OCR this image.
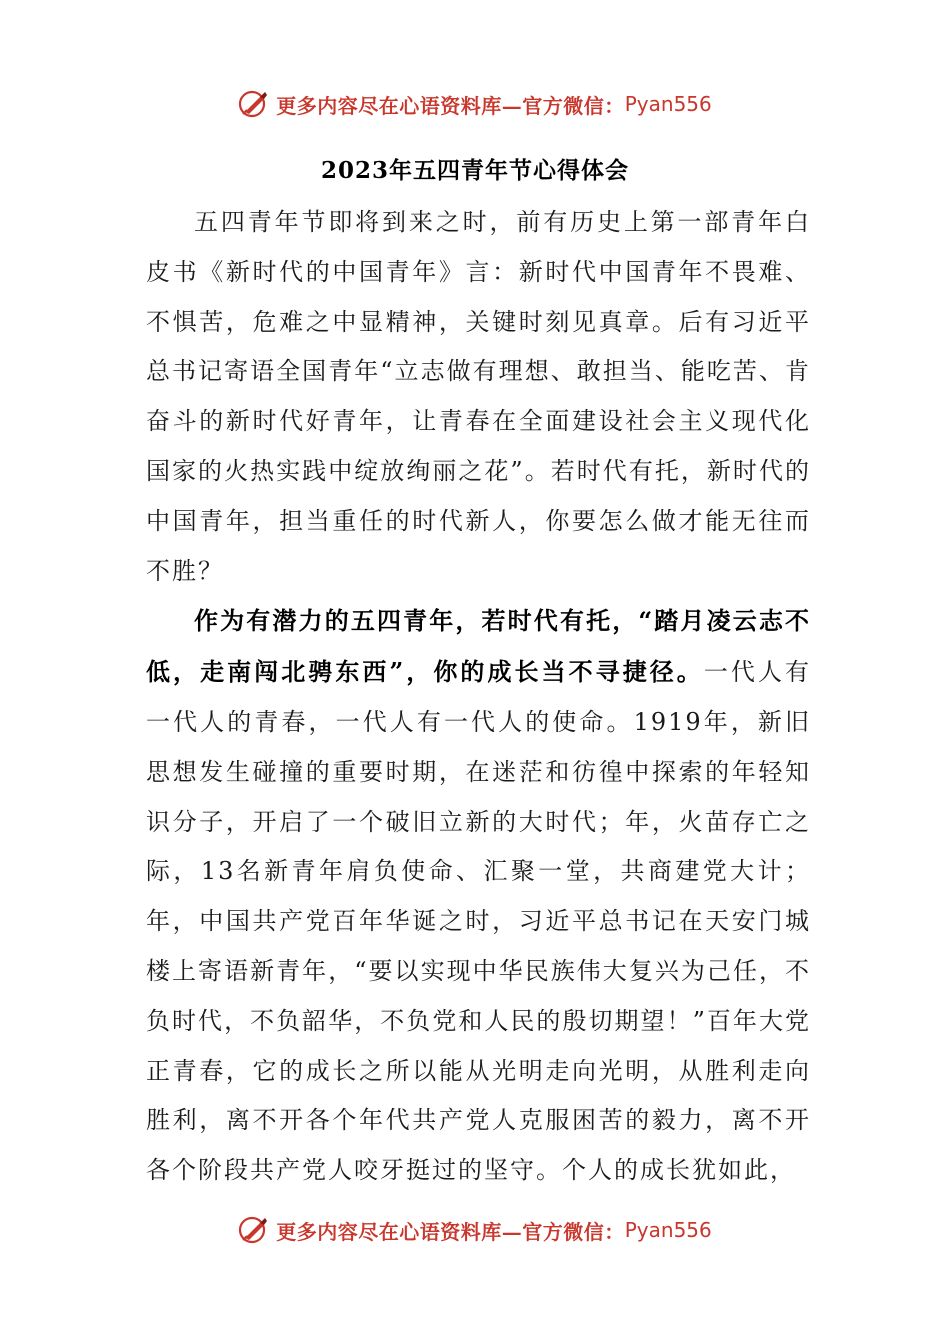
更多内容尽在心语资料库—官方微信： Pyan556
2023年五四青年节心得体会

五四青年节即将到来之时，前有历史上第一部青年白皮书《新时代的中国青年》言：新时代中国青年不畏难、不惧苦，危难之中显精神，关键时刻见真章。后有习近平总书记寄语全国青年“立志做有理想、敢担当、能吃苦、肯奋斗的新时代好青年，让青春在全面建设社会主义现代化国家的火热实践中绽放绚丽之花”。若时代有托，新时代的中国青年，担当重任的时代新人，你要怎么做才能无往而不胜？

作为有潜力的五四青年，若时代有托，“踏月凌云志不低，走南闯北骋东西”，你的成长当不寻捷径。一代人有一代人的青春，一代人有一代人的使命。1919年，新旧思想发生碰撞的重要时期，在迷茫和彷徨中探索的年轻知识分子，开启了一个破旧立新的大时代；年，火苗存亡之际，13名新青年肩负使命、汇聚一堂，共商建党大计；年，中国共产党百年华诞之时，习近平总书记在天安门城楼上寄语新青年，“要以实现中华民族伟大复兴为己任，不负时代，不负韶华，不负党和人民的殷切期望！”百年大党正青春，它的成长之所以能从光明走向光明，从胜利走向胜利，离不开各个年代共产党人克服困苦的毅力，离不开各个阶段共产党人咬牙挺过的坚守。个人的成长犹如此，

更多内容尽在心语资料库—官方微信： Pyan556
